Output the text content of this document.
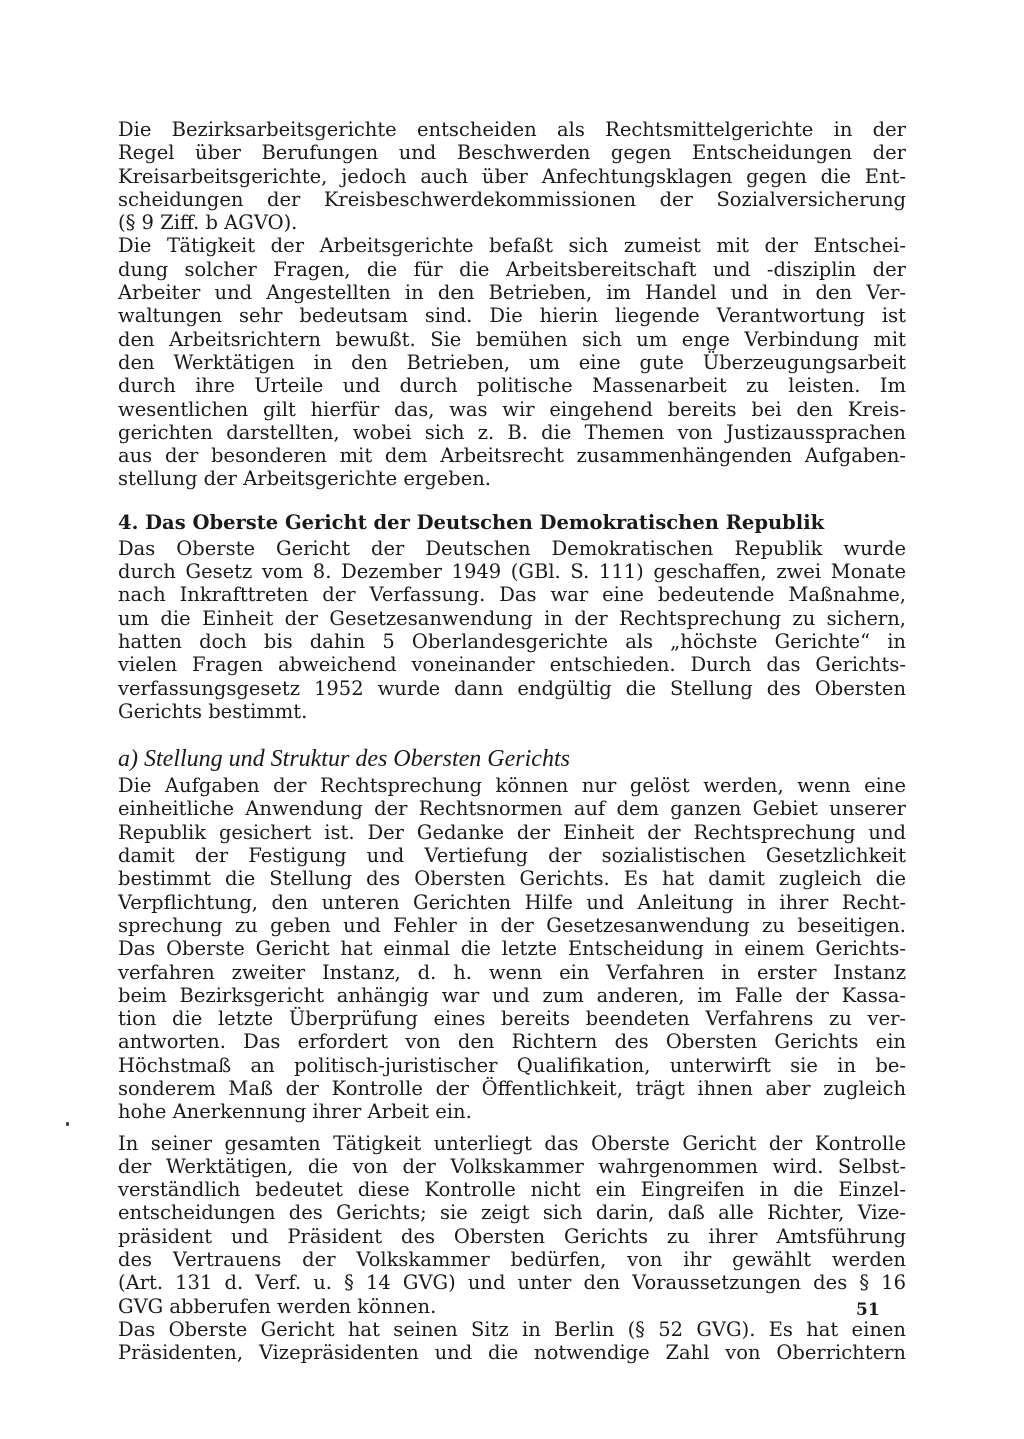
Die Bezirksarbeitsgerichte entscheiden als Rechtsmittelgerichte in der
Regel über Berufungen und Beschwerden gegen Entscheidungen der
Kreisarbeitsgerichte, jedoch auch über Anfechtungsklagen gegen die Ent-
scheidungen der Kreisbeschwerdekommissionen der Sozialversicherung
(§ 9 Ziff. b AGVO).
Die Tätigkeit der Arbeitsgerichte befaßt sich zumeist mit der Entschei-
dung solcher Fragen, die für die Arbeitsbereitschaft und -disziplin der
Arbeiter und Angestellten in den Betrieben, im Handel und in den Ver-
waltungen sehr bedeutsam sind. Die hierin liegende Verantwortung ist
den Arbeitsrichtern bewußt. Sie bemühen sich um enge Verbindung mit
den Werktätigen in den Betrieben, um eine gute Überzeugungsarbeit
durch ihre Urteile und durch politische Massenarbeit zu leisten. Im
wesentlichen gilt hierfür das, was wir eingehend bereits bei den Kreis-
gerichten darstellten, wobei sich z. B. die Themen von Justizaussprachen
aus der besonderen mit dem Arbeitsrecht zusammenhängenden Aufgaben-
stellung der Arbeitsgerichte ergeben.
4. Das Oberste Gericht der Deutschen Demokratischen Republik
Das Oberste Gericht der Deutschen Demokratischen Republik wurde
durch Gesetz vom 8. Dezember 1949 (GBl. S. 111) geschaffen, zwei Monate
nach Inkrafttreten der Verfassung. Das war eine bedeutende Maßnahme,
um die Einheit der Gesetzesanwendung in der Rechtsprechung zu sichern,
hatten doch bis dahin 5 Oberlandesgerichte als „höchste Gerichte“ in
vielen Fragen abweichend voneinander entschieden. Durch das Gerichts-
verfassungsgesetz 1952 wurde dann endgültig die Stellung des Obersten
Gerichts bestimmt.
a) Stellung und Struktur des Obersten Gerichts
Die Aufgaben der Rechtsprechung können nur gelöst werden, wenn eine
einheitliche Anwendung der Rechtsnormen auf dem ganzen Gebiet unserer
Republik gesichert ist. Der Gedanke der Einheit der Rechtsprechung und
damit der Festigung und Vertiefung der sozialistischen Gesetzlichkeit
bestimmt die Stellung des Obersten Gerichts. Es hat damit zugleich die
Verpflichtung, den unteren Gerichten Hilfe und Anleitung in ihrer Recht-
sprechung zu geben und Fehler in der Gesetzesanwendung zu beseitigen.
Das Oberste Gericht hat einmal die letzte Entscheidung in einem Gerichts-
verfahren zweiter Instanz, d. h. wenn ein Verfahren in erster Instanz
beim Bezirksgericht anhängig war und zum anderen, im Falle der Kassa-
tion die letzte Überprüfung eines bereits beendeten Verfahrens zu ver-
antworten. Das erfordert von den Richtern des Obersten Gerichts ein
Höchstmaß an politisch-juristischer Qualifikation, unterwirft sie in be-
sonderem Maß der Kontrolle der Öffentlichkeit, trägt ihnen aber zugleich
hohe Anerkennung ihrer Arbeit ein.
In seiner gesamten Tätigkeit unterliegt das Oberste Gericht der Kontrolle
der Werktätigen, die von der Volkskammer wahrgenommen wird. Selbst-
verständlich bedeutet diese Kontrolle nicht ein Eingreifen in die Einzel-
entscheidungen des Gerichts; sie zeigt sich darin, daß alle Richter, Vize-
präsident und Präsident des Obersten Gerichts zu ihrer Amtsführung
des Vertrauens der Volkskammer bedürfen, von ihr gewählt werden
(Art. 131 d. Verf. u. § 14 GVG) und unter den Voraussetzungen des § 16
GVG abberufen werden können.
Das Oberste Gericht hat seinen Sitz in Berlin (§ 52 GVG). Es hat einen
Präsidenten, Vizepräsidenten und die notwendige Zahl von Oberrichtern
51
